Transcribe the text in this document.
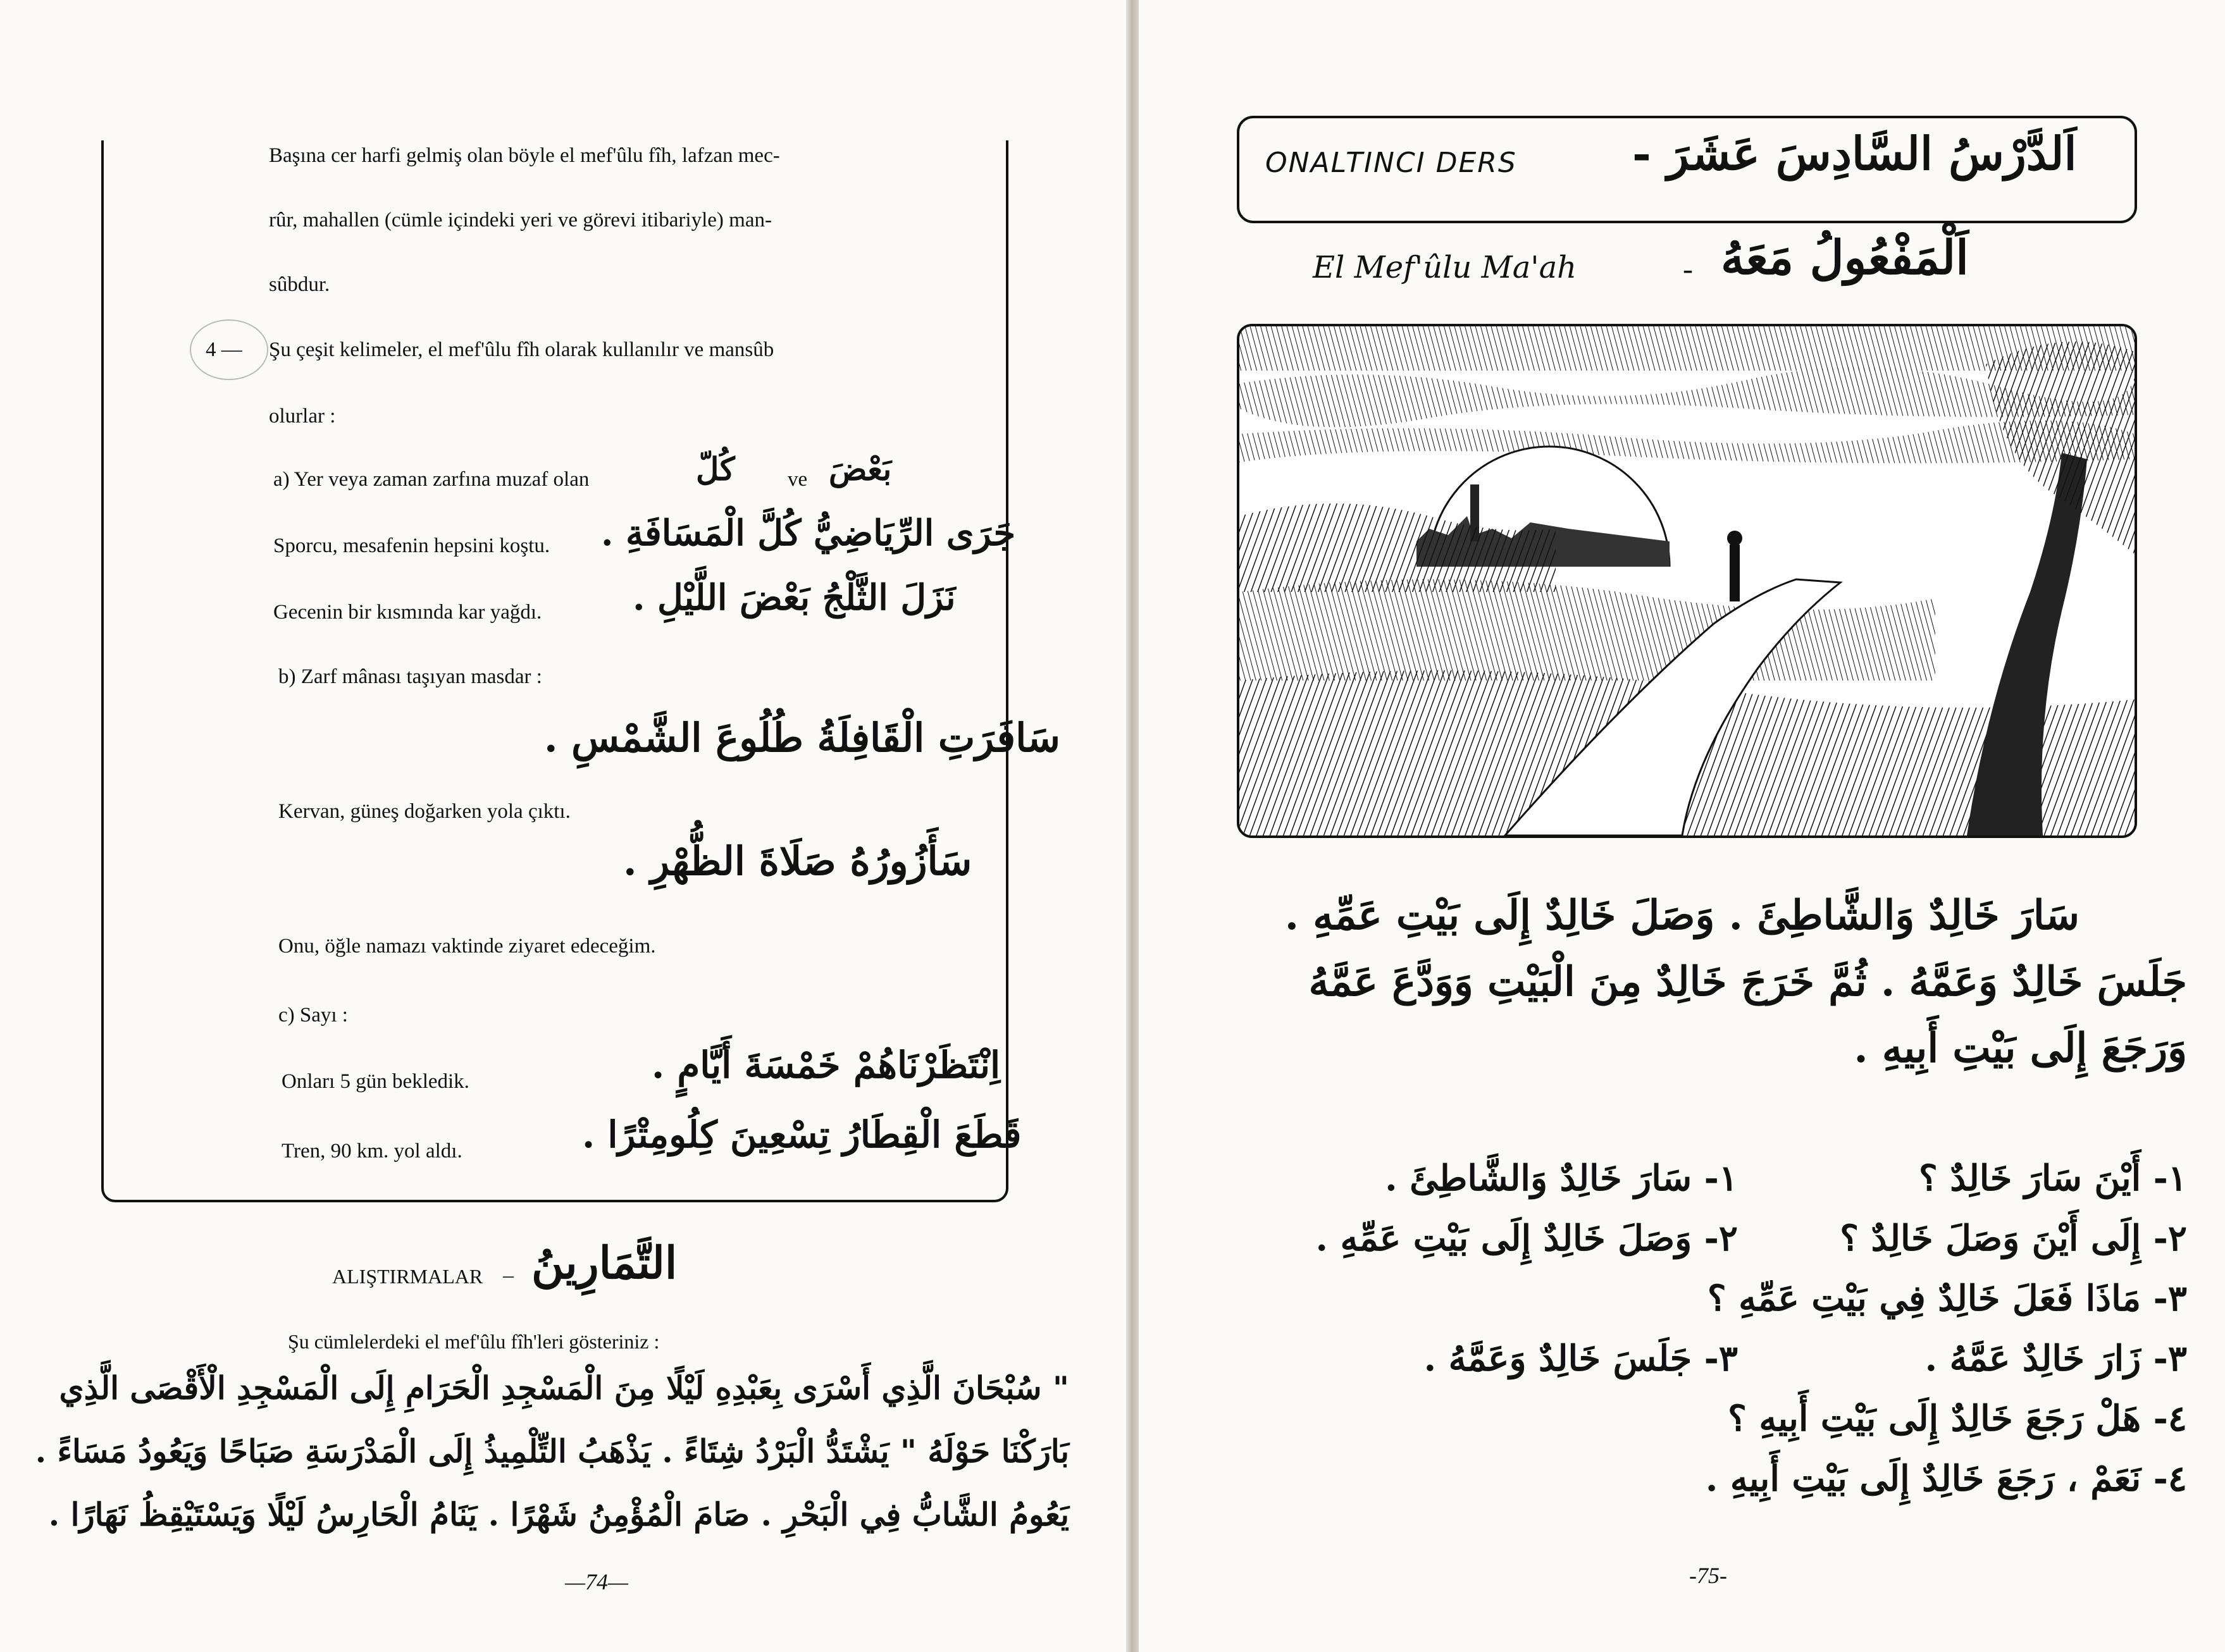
Başına cer harfi gelmiş olan böyle el mef'ûlu fîh, lafzan mec-
rûr, mahallen (cümle içindeki yeri ve görevi itibariyle) man-
sûbdur.
4 — Şu çeşit kelimeler, el mef'ûlu fîh olarak kullanılır ve mansûb
olurlar :
a) Yer veya zaman zarfına muzaf olan	كُلّ	ve بَعْضَ
Sporcu, mesafenin hepsini koştu. جَرَى الرِّيَاضِيُّ كُلَّ الْمَسَافَةِ .
Gecenin bir kısmında kar yağdı.	نَزَلَ الثَّلْجُ بَعْضَ اللَّيْلِ .
b) Zarf mânası taşıyan masdar :
سَافَرَتِ الْقَافِلَةُ طُلُوعَ الشَّمْسِ .
Kervan, güneş doğarken yola çıktı.
سَأَزُورُهُ صَلَاةَ الظُّهْرِ .
Onu, öğle namazı vaktinde ziyaret edeceğim.
c) Sayı :
Onları 5 gün bekledik.	اِنْتَظَرْنَاهُمْ خَمْسَةَ أَيَّامٍ .
Tren, 90 km. yol aldı.	قَطَعَ الْقِطَارُ تِسْعِينَ كِلُومِتْرًا .
ALIŞTIRMALAR – التَّمَارِينُ
Şu cümlelerdeki el mef'ûlu fîh'leri gösteriniz :
" سُبْحَانَ الَّذِي أَسْرَى بِعَبْدِهِ لَيْلًا مِنَ الْمَسْجِدِ الْحَرَامِ إِلَى الْمَسْجِدِ الْأَقْصَى الَّذِي
بَارَكْنَا حَوْلَهُ " يَشْتَدُّ الْبَرْدُ شِتَاءً . يَذْهَبُ التِّلْمِيذُ إِلَى الْمَدْرَسَةِ صَبَاحًا وَيَعُودُ مَسَاءً .
يَعُومُ الشَّابُّ فِي الْبَحْرِ . صَامَ الْمُؤْمِنُ شَهْرًا . يَنَامُ الْحَارِسُ لَيْلًا وَيَسْتَيْقِظُ نَهَارًا .
—74—
ONALTINCI DERS	اَلدَّرْسُ السَّادِسَ عَشَرَ -
El Mef'ûlu Ma'ah	- اَلْمَفْعُولُ مَعَهُ
سَارَ خَالِدٌ وَالشَّاطِئَ . وَصَلَ خَالِدٌ إِلَى بَيْتِ عَمِّهِ .
جَلَسَ خَالِدٌ وَعَمَّهُ . ثُمَّ خَرَجَ خَالِدٌ مِنَ الْبَيْتِ وَوَدَّعَ عَمَّهُ
وَرَجَعَ إِلَى بَيْتِ أَبِيهِ .
١- أَيْنَ سَارَ خَالِدٌ ؟
١- سَارَ خَالِدٌ وَالشَّاطِئَ .
٢- إِلَى أَيْنَ وَصَلَ خَالِدٌ ؟
٢- وَصَلَ خَالِدٌ إِلَى بَيْتِ عَمِّهِ .
٣- مَاذَا فَعَلَ خَالِدٌ فِي بَيْتِ عَمِّهِ ؟
٣- زَارَ خَالِدٌ عَمَّهُ .
٣- جَلَسَ خَالِدٌ وَعَمَّهُ .
٤- هَلْ رَجَعَ خَالِدٌ إِلَى بَيْتِ أَبِيهِ ؟
٤- نَعَمْ ، رَجَعَ خَالِدٌ إِلَى بَيْتِ أَبِيهِ .
-75-
